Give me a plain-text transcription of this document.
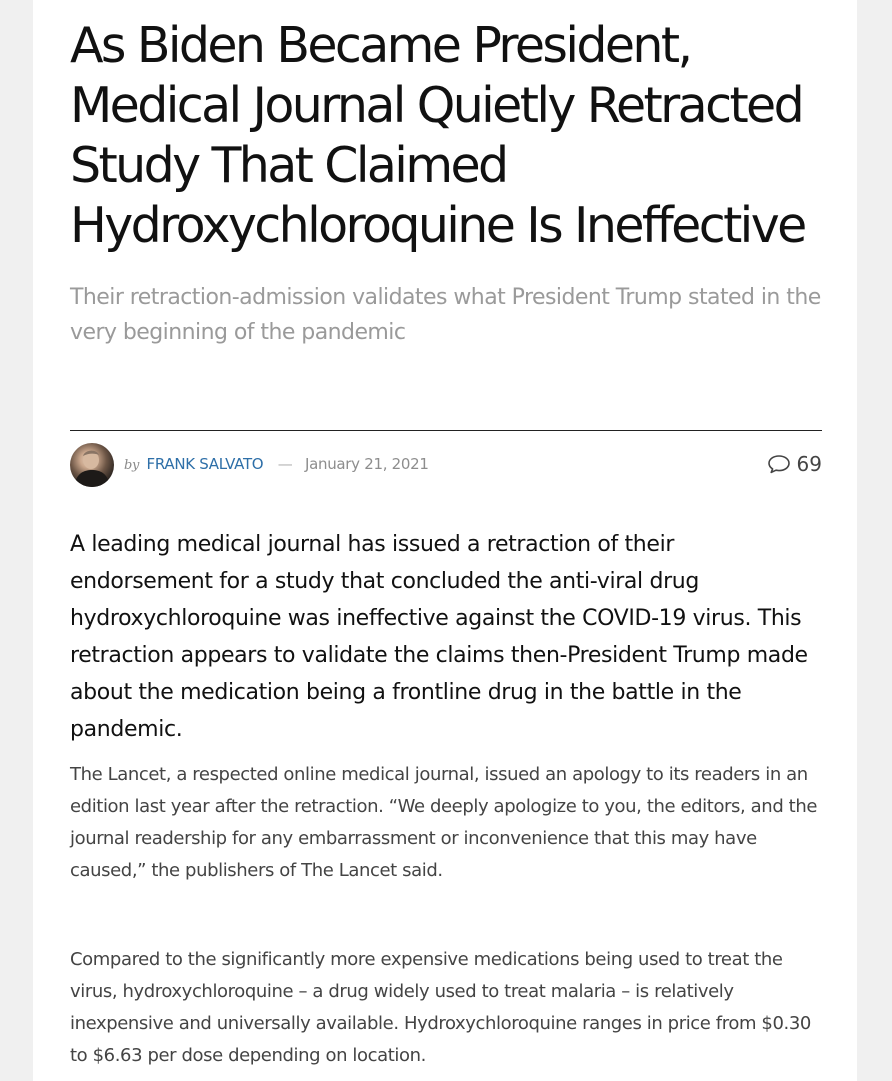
As Biden Became President, Medical Journal Quietly Retracted Study That Claimed Hydroxychloroquine Is Ineffective

Their retraction-admission validates what President Trump stated in the very beginning of the pandemic

by FRANK SALVATO — January 21, 2021	69

A leading medical journal has issued a retraction of their endorsement for a study that concluded the anti-viral drug hydroxychloroquine was ineffective against the COVID-19 virus. This retraction appears to validate the claims then-President Trump made about the medication being a frontline drug in the battle in the pandemic.

The Lancet, a respected online medical journal, issued an apology to its readers in an edition last year after the retraction. “We deeply apologize to you, the editors, and the journal readership for any embarrassment or inconvenience that this may have caused,” the publishers of The Lancet said.

Compared to the significantly more expensive medications being used to treat the virus, hydroxychloroquine – a drug widely used to treat malaria – is relatively inexpensive and universally available. Hydroxychloroquine ranges in price from $0.30 to $6.63 per dose depending on location.
